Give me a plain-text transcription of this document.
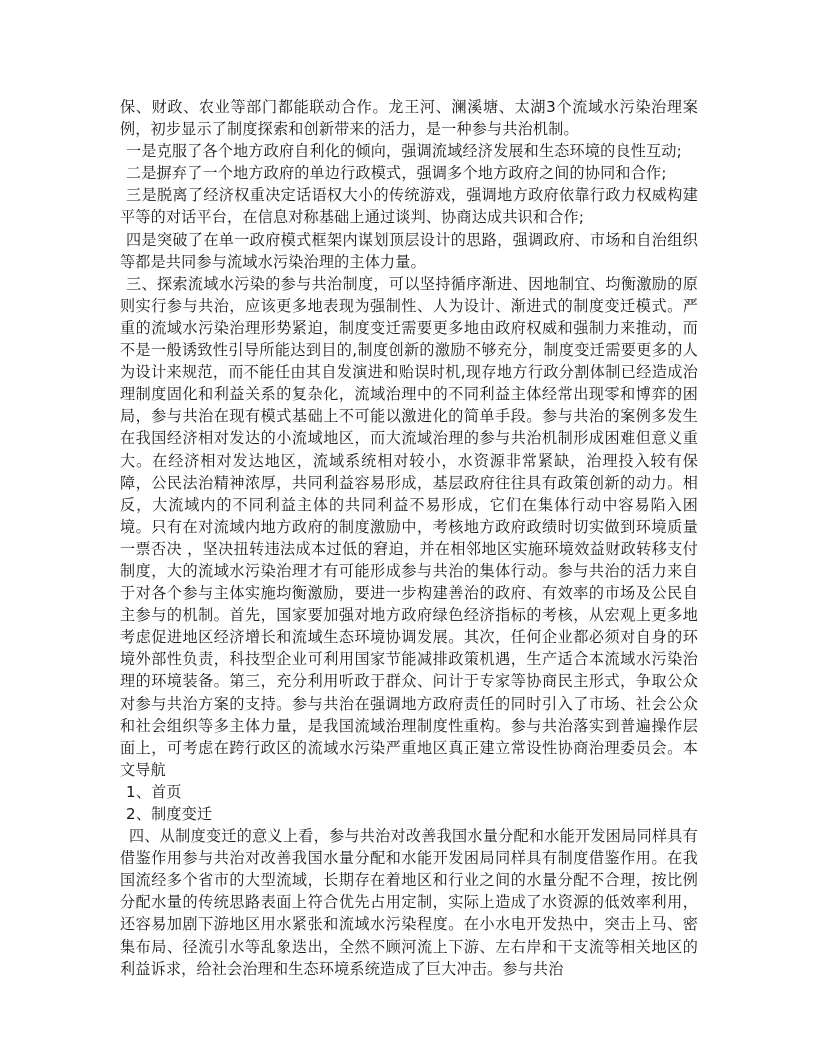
保、财政、农业等部门都能联动合作。龙王河、澜溪塘、太湖3个流域水污染治理案例，初步显示了制度探索和创新带来的活力，是一种参与共治机制。

一是克服了各个地方政府自利化的倾向，强调流域经济发展和生态环境的良性互动;

二是摒弃了一个地方政府的单边行政模式，强调多个地方政府之间的协同和合作;

三是脱离了经济权重决定话语权大小的传统游戏，强调地方政府依靠行政力权威构建平等的对话平台，在信息对称基础上通过谈判、协商达成共识和合作;

四是突破了在单一政府模式框架内谋划顶层设计的思路，强调政府、市场和自治组织等都是共同参与流域水污染治理的主体力量。

三、探索流域水污染的参与共治制度，可以坚持循序渐进、因地制宜、均衡激励的原则实行参与共治，应该更多地表现为强制性、人为设计、渐进式的制度变迁模式。严重的流域水污染治理形势紧迫，制度变迁需要更多地由政府权威和强制力来推动，而不是一般诱致性引导所能达到目的,制度创新的激励不够充分，制度变迁需要更多的人为设计来规范，而不能任由其自发演进和贻误时机,现存地方行政分割体制已经造成治理制度固化和利益关系的复杂化，流域治理中的不同利益主体经常出现零和博弈的困局，参与共治在现有模式基础上不可能以激进化的简单手段。参与共治的案例多发生在我国经济相对发达的小流域地区，而大流域治理的参与共治机制形成困难但意义重大。在经济相对发达地区，流域系统相对较小，水资源非常紧缺，治理投入较有保障，公民法治精神浓厚，共同利益容易形成，基层政府往往具有政策创新的动力。相反，大流域内的不同利益主体的共同利益不易形成，它们在集体行动中容易陷入困境。只有在对流域内地方政府的制度激励中，考核地方政府政绩时切实做到环境质量 一票否决 ，坚决扭转违法成本过低的窘迫，并在相邻地区实施环境效益财政转移支付制度，大的流域水污染治理才有可能形成参与共治的集体行动。参与共治的活力来自于对各个参与主体实施均衡激励，要进一步构建善治的政府、有效率的市场及公民自主参与的机制。首先，国家要加强对地方政府绿色经济指标的考核，从宏观上更多地考虑促进地区经济增长和流域生态环境协调发展。其次，任何企业都必须对自身的环境外部性负责，科技型企业可利用国家节能减排政策机遇，生产适合本流域水污染治理的环境装备。第三，充分利用听政于群众、问计于专家等协商民主形式，争取公众对参与共治方案的支持。参与共治在强调地方政府责任的同时引入了市场、社会公众和社会组织等多主体力量，是我国流域治理制度性重构。参与共治落实到普遍操作层面上，可考虑在跨行政区的流域水污染严重地区真正建立常设性协商治理委员会。本文导航

1、首页

2、制度变迁

四、从制度变迁的意义上看，参与共治对改善我国水量分配和水能开发困局同样具有借鉴作用参与共治对改善我国水量分配和水能开发困局同样具有制度借鉴作用。在我国流经多个省市的大型流域，长期存在着地区和行业之间的水量分配不合理，按比例分配水量的传统思路表面上符合优先占用定制，实际上造成了水资源的低效率利用，还容易加剧下游地区用水紧张和流域水污染程度。在小水电开发热中，突击上马、密集布局、径流引水等乱象迭出，全然不顾河流上下游、左右岸和干支流等相关地区的利益诉求，给社会治理和生态环境系统造成了巨大冲击。参与共治
